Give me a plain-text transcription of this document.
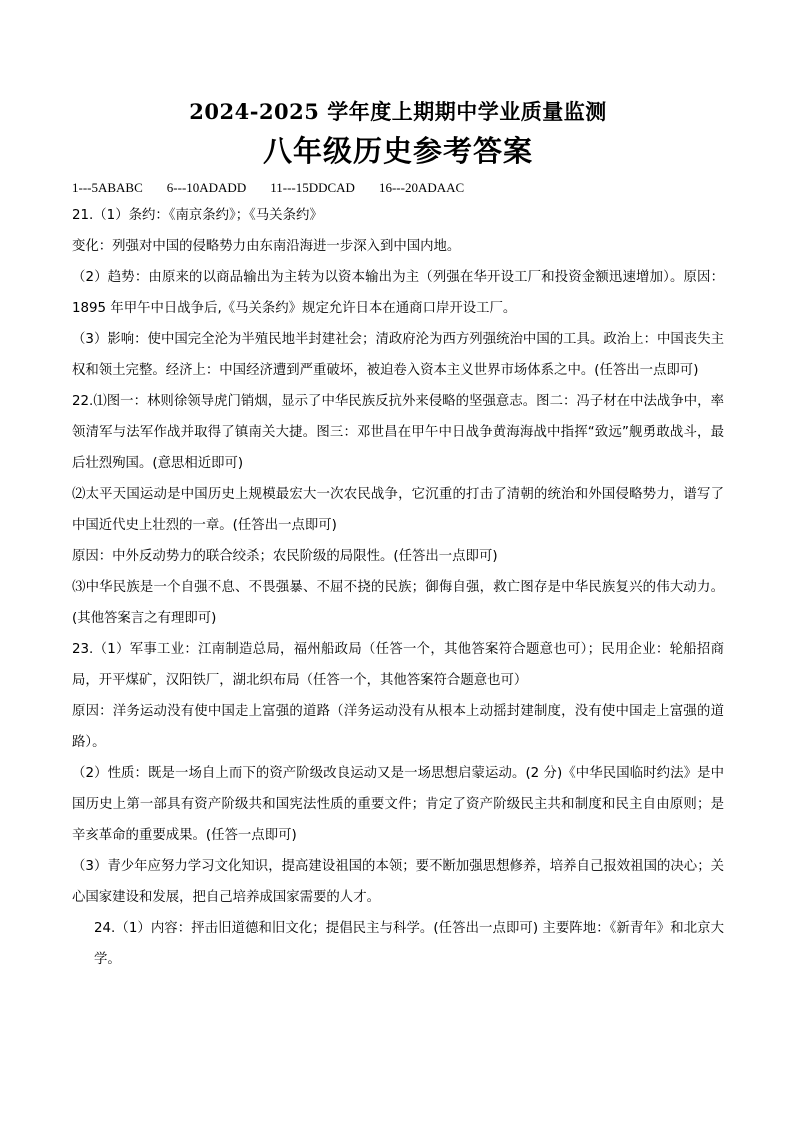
2024-2025 学年度上期期中学业质量监测
八年级历史参考答案
1---5ABABC 6---10ADADD 11---15DDCAD 16---20ADAAC

21.（1）条约：《南京条约》；《马关条约》

变化：列强对中国的侵略势力由东南沿海进一步深入到中国内地。

（2）趋势：由原来的以商品输出为主转为以资本输出为主（列强在华开设工厂和投资金额迅速增加）。原因：1895 年甲午中日战争后,《马关条约》规定允许日本在通商口岸开设工厂。

（3）影响：使中国完全沦为半殖民地半封建社会；清政府沦为西方列强统治中国的工具。政治上：中国丧失主权和领土完整。经济上：中国经济遭到严重破坏，被迫卷入资本主义世界市场体系之中。(任答出一点即可)

22.⑴图一：林则徐领导虎门销烟，显示了中华民族反抗外来侵略的坚强意志。图二：冯子材在中法战争中，率领清军与法军作战并取得了镇南关大捷。图三：邓世昌在甲午中日战争黄海海战中指挥“致远”舰勇敢战斗，最后壮烈殉国。(意思相近即可)

⑵太平天国运动是中国历史上规模最宏大一次农民战争，它沉重的打击了清朝的统治和外国侵略势力，谱写了中国近代史上壮烈的一章。(任答出一点即可)

原因：中外反动势力的联合绞杀；农民阶级的局限性。(任答出一点即可)

⑶中华民族是一个自强不息、不畏强暴、不屈不挠的民族；御侮自强，救亡图存是中华民族复兴的伟大动力。(其他答案言之有理即可)

23.（1）军事工业：江南制造总局，福州船政局（任答一个，其他答案符合题意也可）；民用企业：轮船招商局，开平煤矿，汉阳铁厂，湖北织布局（任答一个，其他答案符合题意也可）

原因：洋务运动没有使中国走上富强的道路（洋务运动没有从根本上动摇封建制度，没有使中国走上富强的道路）。

（2）性质：既是一场自上而下的资产阶级改良运动又是一场思想启蒙运动。(2 分)《中华民国临时约法》是中国历史上第一部具有资产阶级共和国宪法性质的重要文件；肯定了资产阶级民主共和制度和民主自由原则；是辛亥革命的重要成果。(任答一点即可)

（3）青少年应努力学习文化知识，提高建设祖国的本领；要不断加强思想修养，培养自己报效祖国的决心；关心国家建设和发展，把自己培养成国家需要的人才。

24.（1）内容：抨击旧道德和旧文化；提倡民主与科学。(任答出一点即可) 主要阵地：《新青年》和北京大学。
